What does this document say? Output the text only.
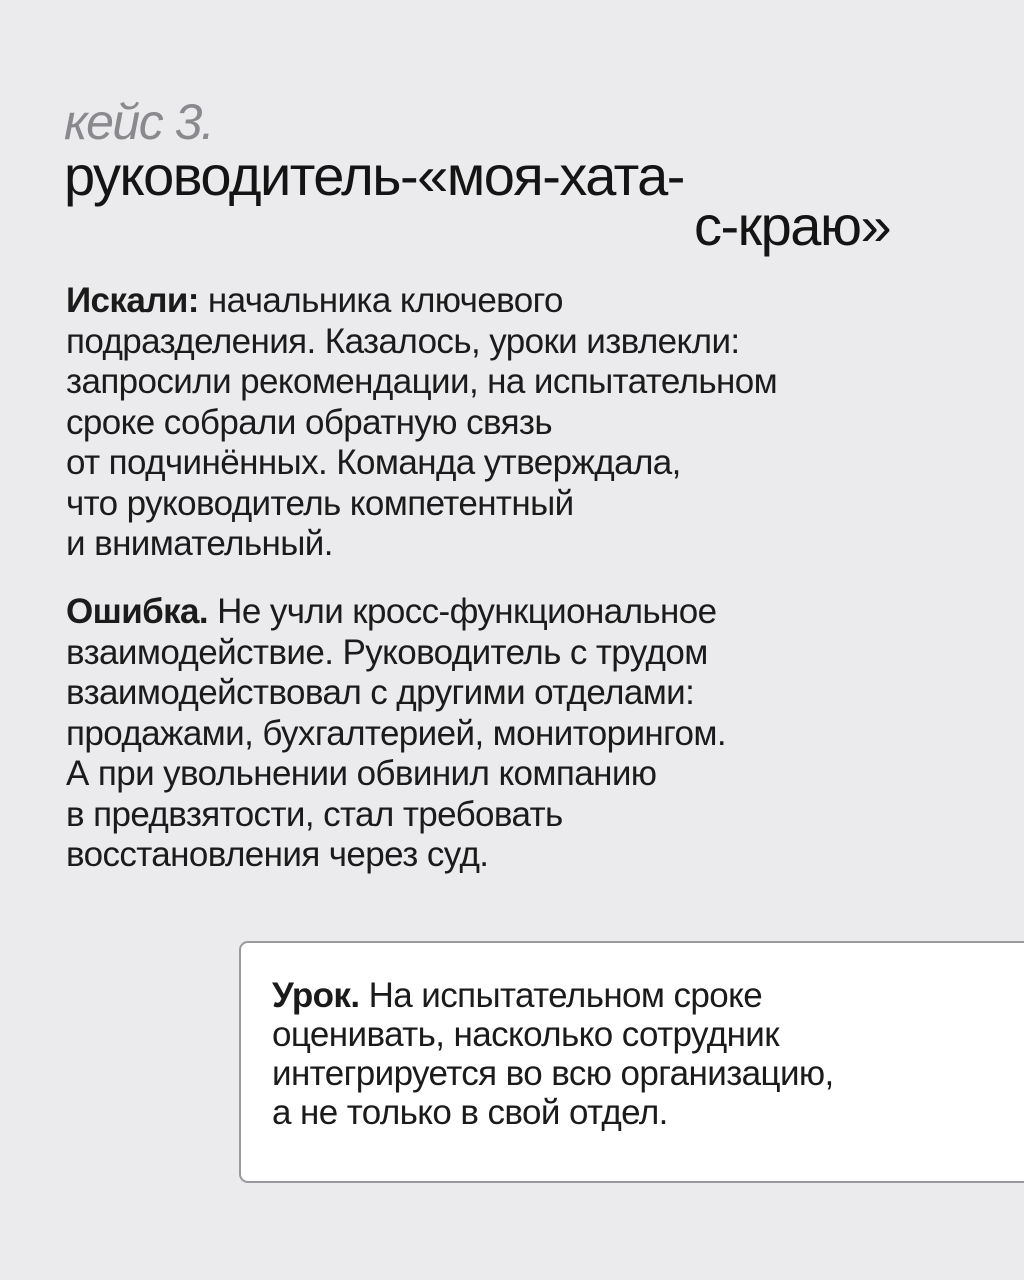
кейс 3.
руководитель-«моя-хата-
с-краю»

Искали: начальника ключевого
подразделения. Казалось, уроки извлекли:
запросили рекомендации, на испытательном
сроке собрали обратную связь
от подчинённых. Команда утверждала,
что руководитель компетентный
и внимательный.

Ошибка. Не учли кросс-функциональное
взаимодействие. Руководитель с трудом
взаимодействовал с другими отделами:
продажами, бухгалтерией, мониторингом.
А при увольнении обвинил компанию
в предвзятости, стал требовать
восстановления через суд.

Урок. На испытательном сроке
оценивать, насколько сотрудник
интегрируется во всю организацию,
а не только в свой отдел.
